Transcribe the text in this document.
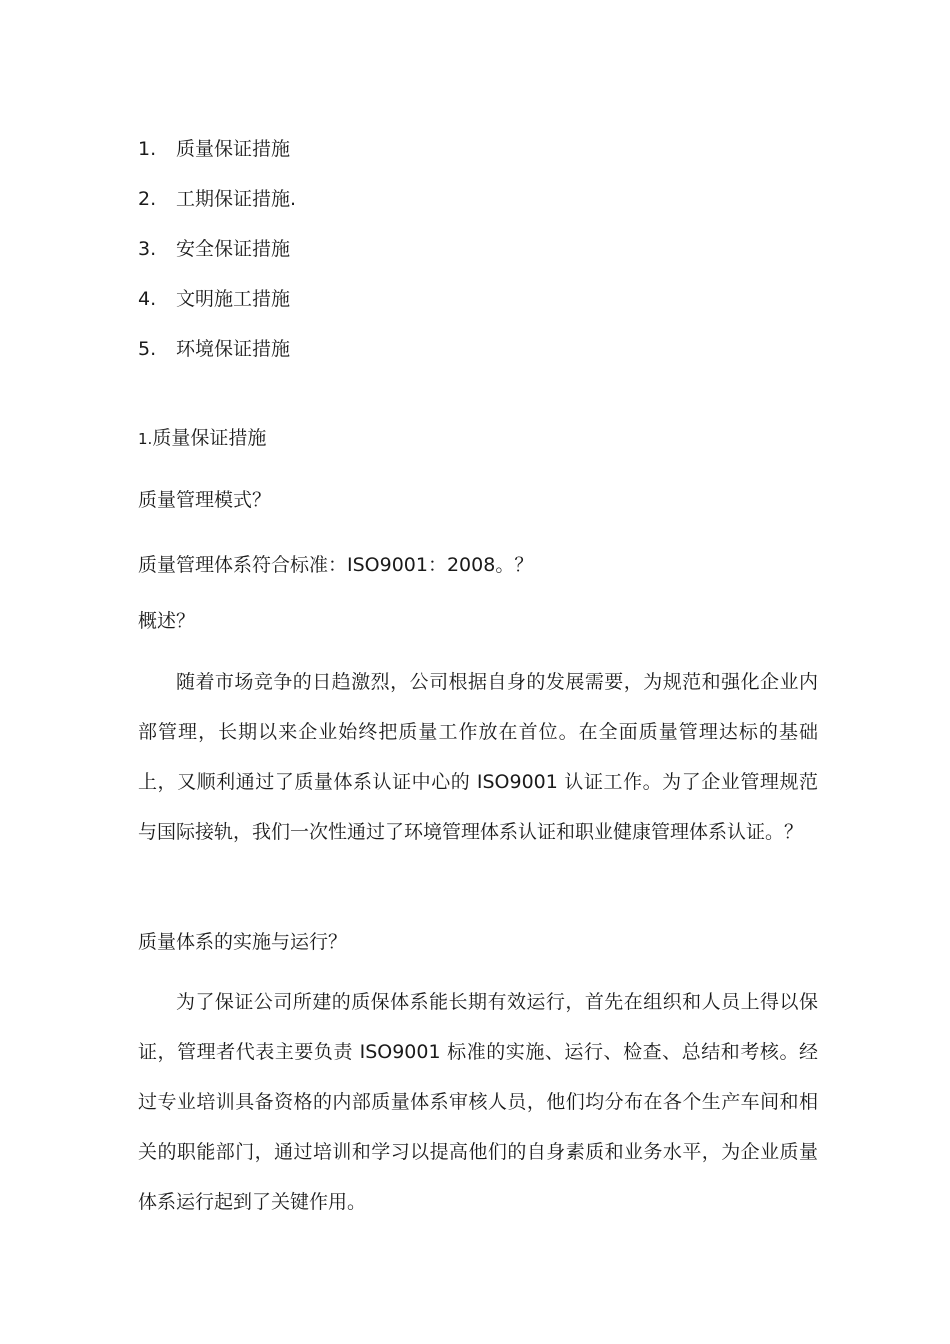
1.	质量保证措施
2.	工期保证措施.
3.	安全保证措施
4.	文明施工措施
5.	环境保证措施
1.质量保证措施

质量管理模式？

质量管理体系符合标准：ISO9001：2008。？

概述？

随着市场竞争的日趋激烈，公司根据自身的发展需要，为规范和强化企业内部管理，长期以来企业始终把质量工作放在首位。在全面质量管理达标的基础上，又顺利通过了质量体系认证中心的 ISO9001 认证工作。为了企业管理规范与国际接轨，我们一次性通过了环境管理体系认证和职业健康管理体系认证。？

质量体系的实施与运行？

为了保证公司所建的质保体系能长期有效运行，首先在组织和人员上得以保证，管理者代表主要负责 ISO9001 标准的实施、运行、检查、总结和考核。经过专业培训具备资格的内部质量体系审核人员，他们均分布在各个生产车间和相关的职能部门，通过培训和学习以提高他们的自身素质和业务水平，为企业质量体系运行起到了关键作用。
